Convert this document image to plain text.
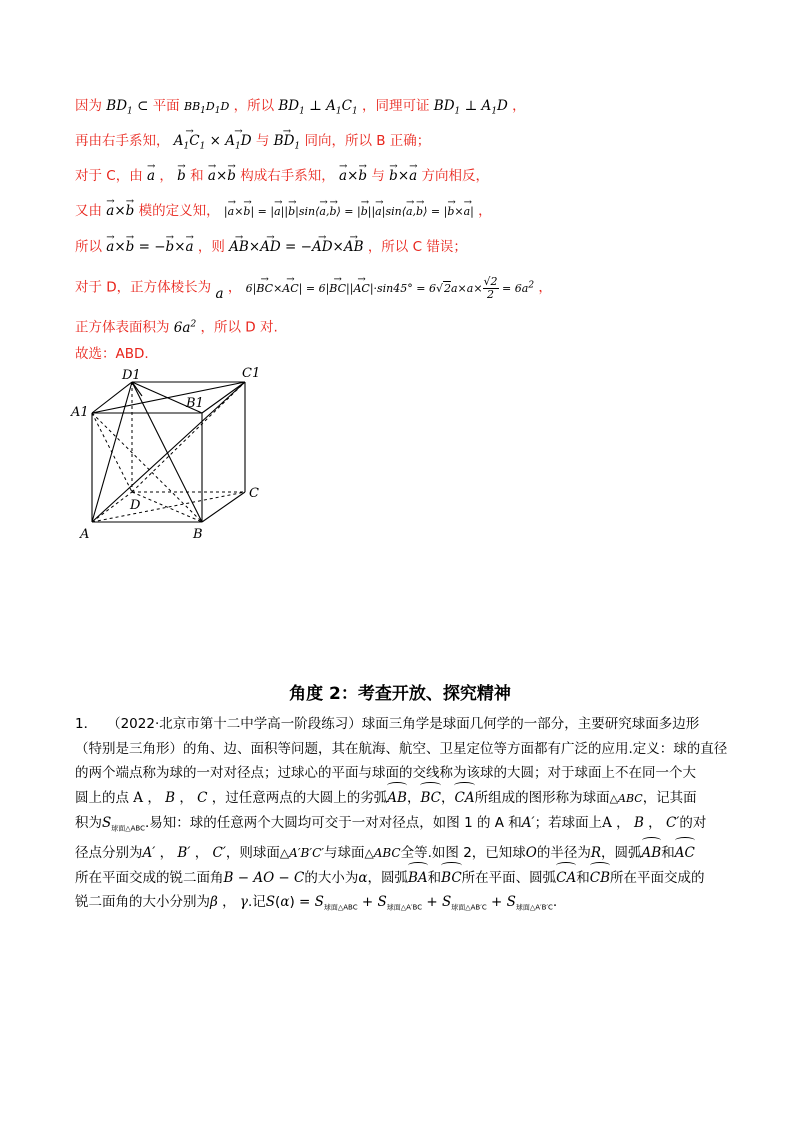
因为 $BD_1$ ⊂ 平面 $BB_1D_1D$ ，所以 $BD_1$ ⊥ $A_1C_1$ ，同理可证 $BD_1$ ⊥ $A_1D$ ，
再由右手系知， → $A_1C_1$ × → $A_1D$ 与 → $BD_1$ 同向，所以 B 正确；
对于 C，由 → a ， → b 和 → a×→ b 构成右手系知， → a×→ b 与 → b×→ a 方向相反，
又由 → a×→ b 模的定义知， |→ a×→ b| = |→ a||→ b|sin⟨→ a,→ b⟩ = |→ b||→ a|sin⟨→ a,→ b⟩ = |→ b×→ a| ，
所以 → a×→ b = −→ b×→ a ，则 → AB×→ AD = −→ AD×→ AB ，所以 C 错误；
对于 D，正方体棱长为 a ， $6|\to BC\times\to AC| = 6|\to BC||\to AC|\cdot\sin 45^\circ = 6√2a\times a\times \frac{√2}{2} = 6a^2$ ，
正方体表面积为 $6a^2$ ，所以 D 对.
故选：ABD.
D1	C1
A1
B1
D
C
A	B
角度 2：考查开放、探究精神

1． （2022·北京市第十二中学高一阶段练习）球面三角学是球面几何学的一部分，主要研究球面多边形

（特别是三角形）的角、边、面积等问题，其在航海、航空、卫星定位等方面都有广泛的应用.定义：球的直径

的两个端点称为球的一对对径点；过球心的平面与球面的交线称为该球的大圆；对于球面上不在同一个大

圆上的点 A ， B ， C ，过任意两点的大圆上的劣弧AB，BC，CA所组成的图形称为球面△ABC，记其面

积为$S_{球面\triangle ABC}$.易知：球的任意两个大圆均可交于一对对径点，如图 1 的 A 和A′；若球面上A ， B ， C′的对

径点分别为A′ ， B′ ， C′，则球面△A′B′C′与球面△ABC全等.如图 2，已知球O的半径为R，圆弧AB和AC

所在平面交成的锐二面角B − AO − C的大小为α，圆弧BA和BC所在平面、圆弧CA和CB所在平面交成的

锐二面角的大小分别为β ， γ.记$S(\alpha) = S_{球面\triangle ABC} + S_{球面\triangle A'BC} + S_{球面\triangle AB'C} + S_{球面\triangle A'B'C}$.
